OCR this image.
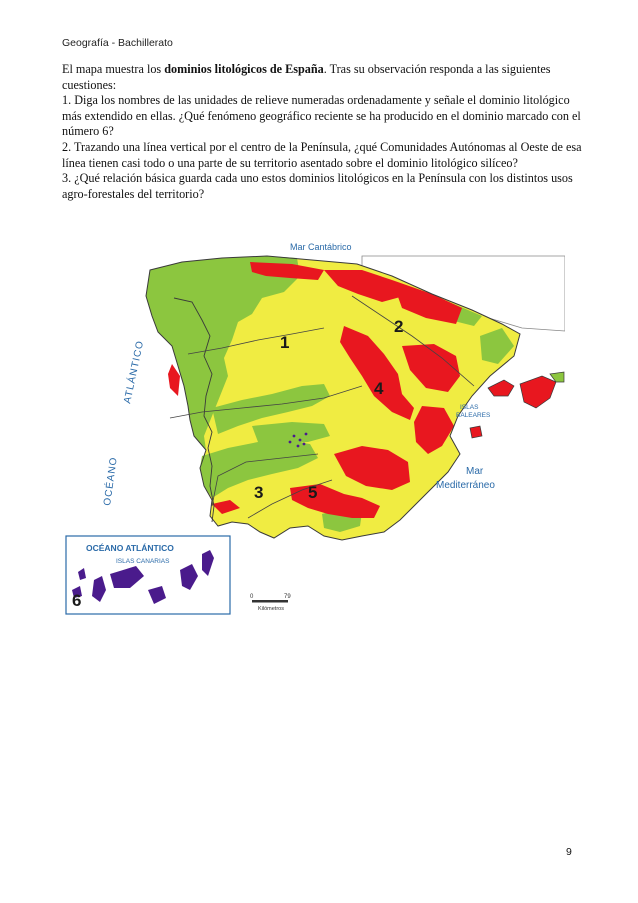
Geografía - Bachillerato

El mapa muestra los dominios litológicos de España. Tras su observación responda a las siguientes cuestiones:

1. Diga los nombres de las unidades de relieve numeradas ordenadamente y señale el dominio litológico más extendido en ellas. ¿Qué fenómeno geográfico reciente se ha producido en el dominio marcado con el número 6?

2. Trazando una línea vertical por el centro de la Península, ¿qué Comunidades Autónomas al Oeste de esa línea tienen casi todo o una parte de su territorio asentado sobre el dominio litológico silíceo?

3. ¿Qué relación básica guarda cada uno estos dominios litológicos en la Península con los distintos usos agro-forestales del territorio?

Mar Cantábrico
ATLÁNTICO
OCÉANO	Mar
Mediterráneo
ISLAS
BALEARES
1
2
3
4
5
OCÉANO ATLÁNTICO
ISLAS CANARIAS
6	0	79
Kilómetros
9
